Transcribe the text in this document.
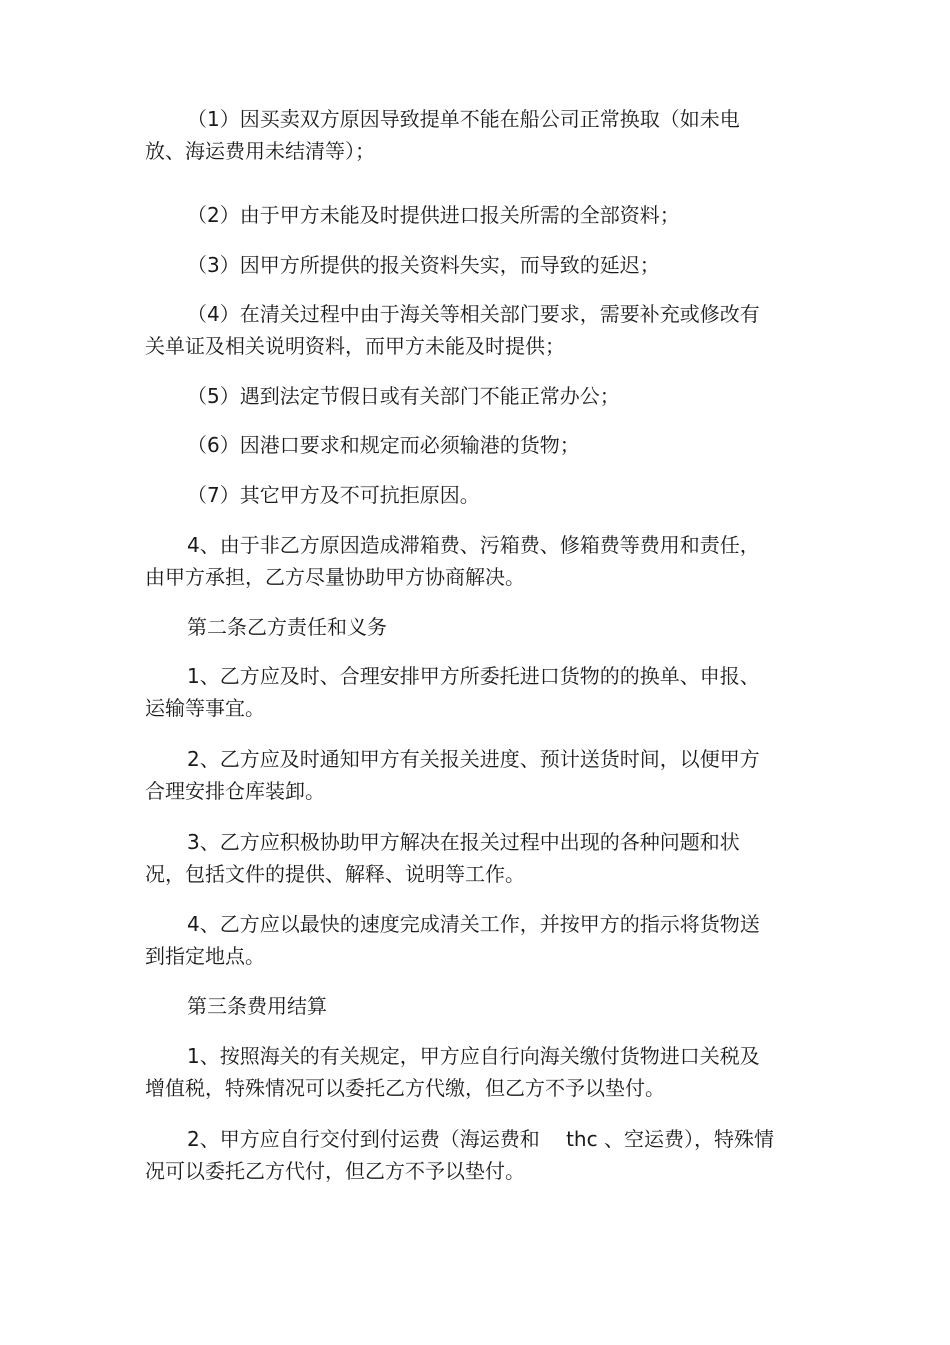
（1）因买卖双方原因导致提单不能在船公司正常换取（如未电放、海运费用未结清等）；

（2）由于甲方未能及时提供进口报关所需的全部资料；

（3）因甲方所提供的报关资料失实，而导致的延迟；

（4）在清关过程中由于海关等相关部门要求，需要补充或修改有关单证及相关说明资料，而甲方未能及时提供；

（5）遇到法定节假日或有关部门不能正常办公；

（6）因港口要求和规定而必须输港的货物；

（7）其它甲方及不可抗拒原因。

4、由于非乙方原因造成滞箱费、污箱费、修箱费等费用和责任，由甲方承担，乙方尽量协助甲方协商解决。

第二条乙方责任和义务

1、乙方应及时、合理安排甲方所委托进口货物的的换单、申报、运输等事宜。

2、乙方应及时通知甲方有关报关进度、预计送货时间，以便甲方合理安排仓库装卸。

3、乙方应积极协助甲方解决在报关过程中出现的各种问题和状况，包括文件的提供、解释、说明等工作。

4、乙方应以最快的速度完成清关工作，并按甲方的指示将货物送到指定地点。

第三条费用结算

1、按照海关的有关规定，甲方应自行向海关缴付货物进口关税及增值税，特殊情况可以委托乙方代缴，但乙方不予以垫付。

2、甲方应自行交付到付运费（海运费和　 thc 、空运费），特殊情况可以委托乙方代付，但乙方不予以垫付。
